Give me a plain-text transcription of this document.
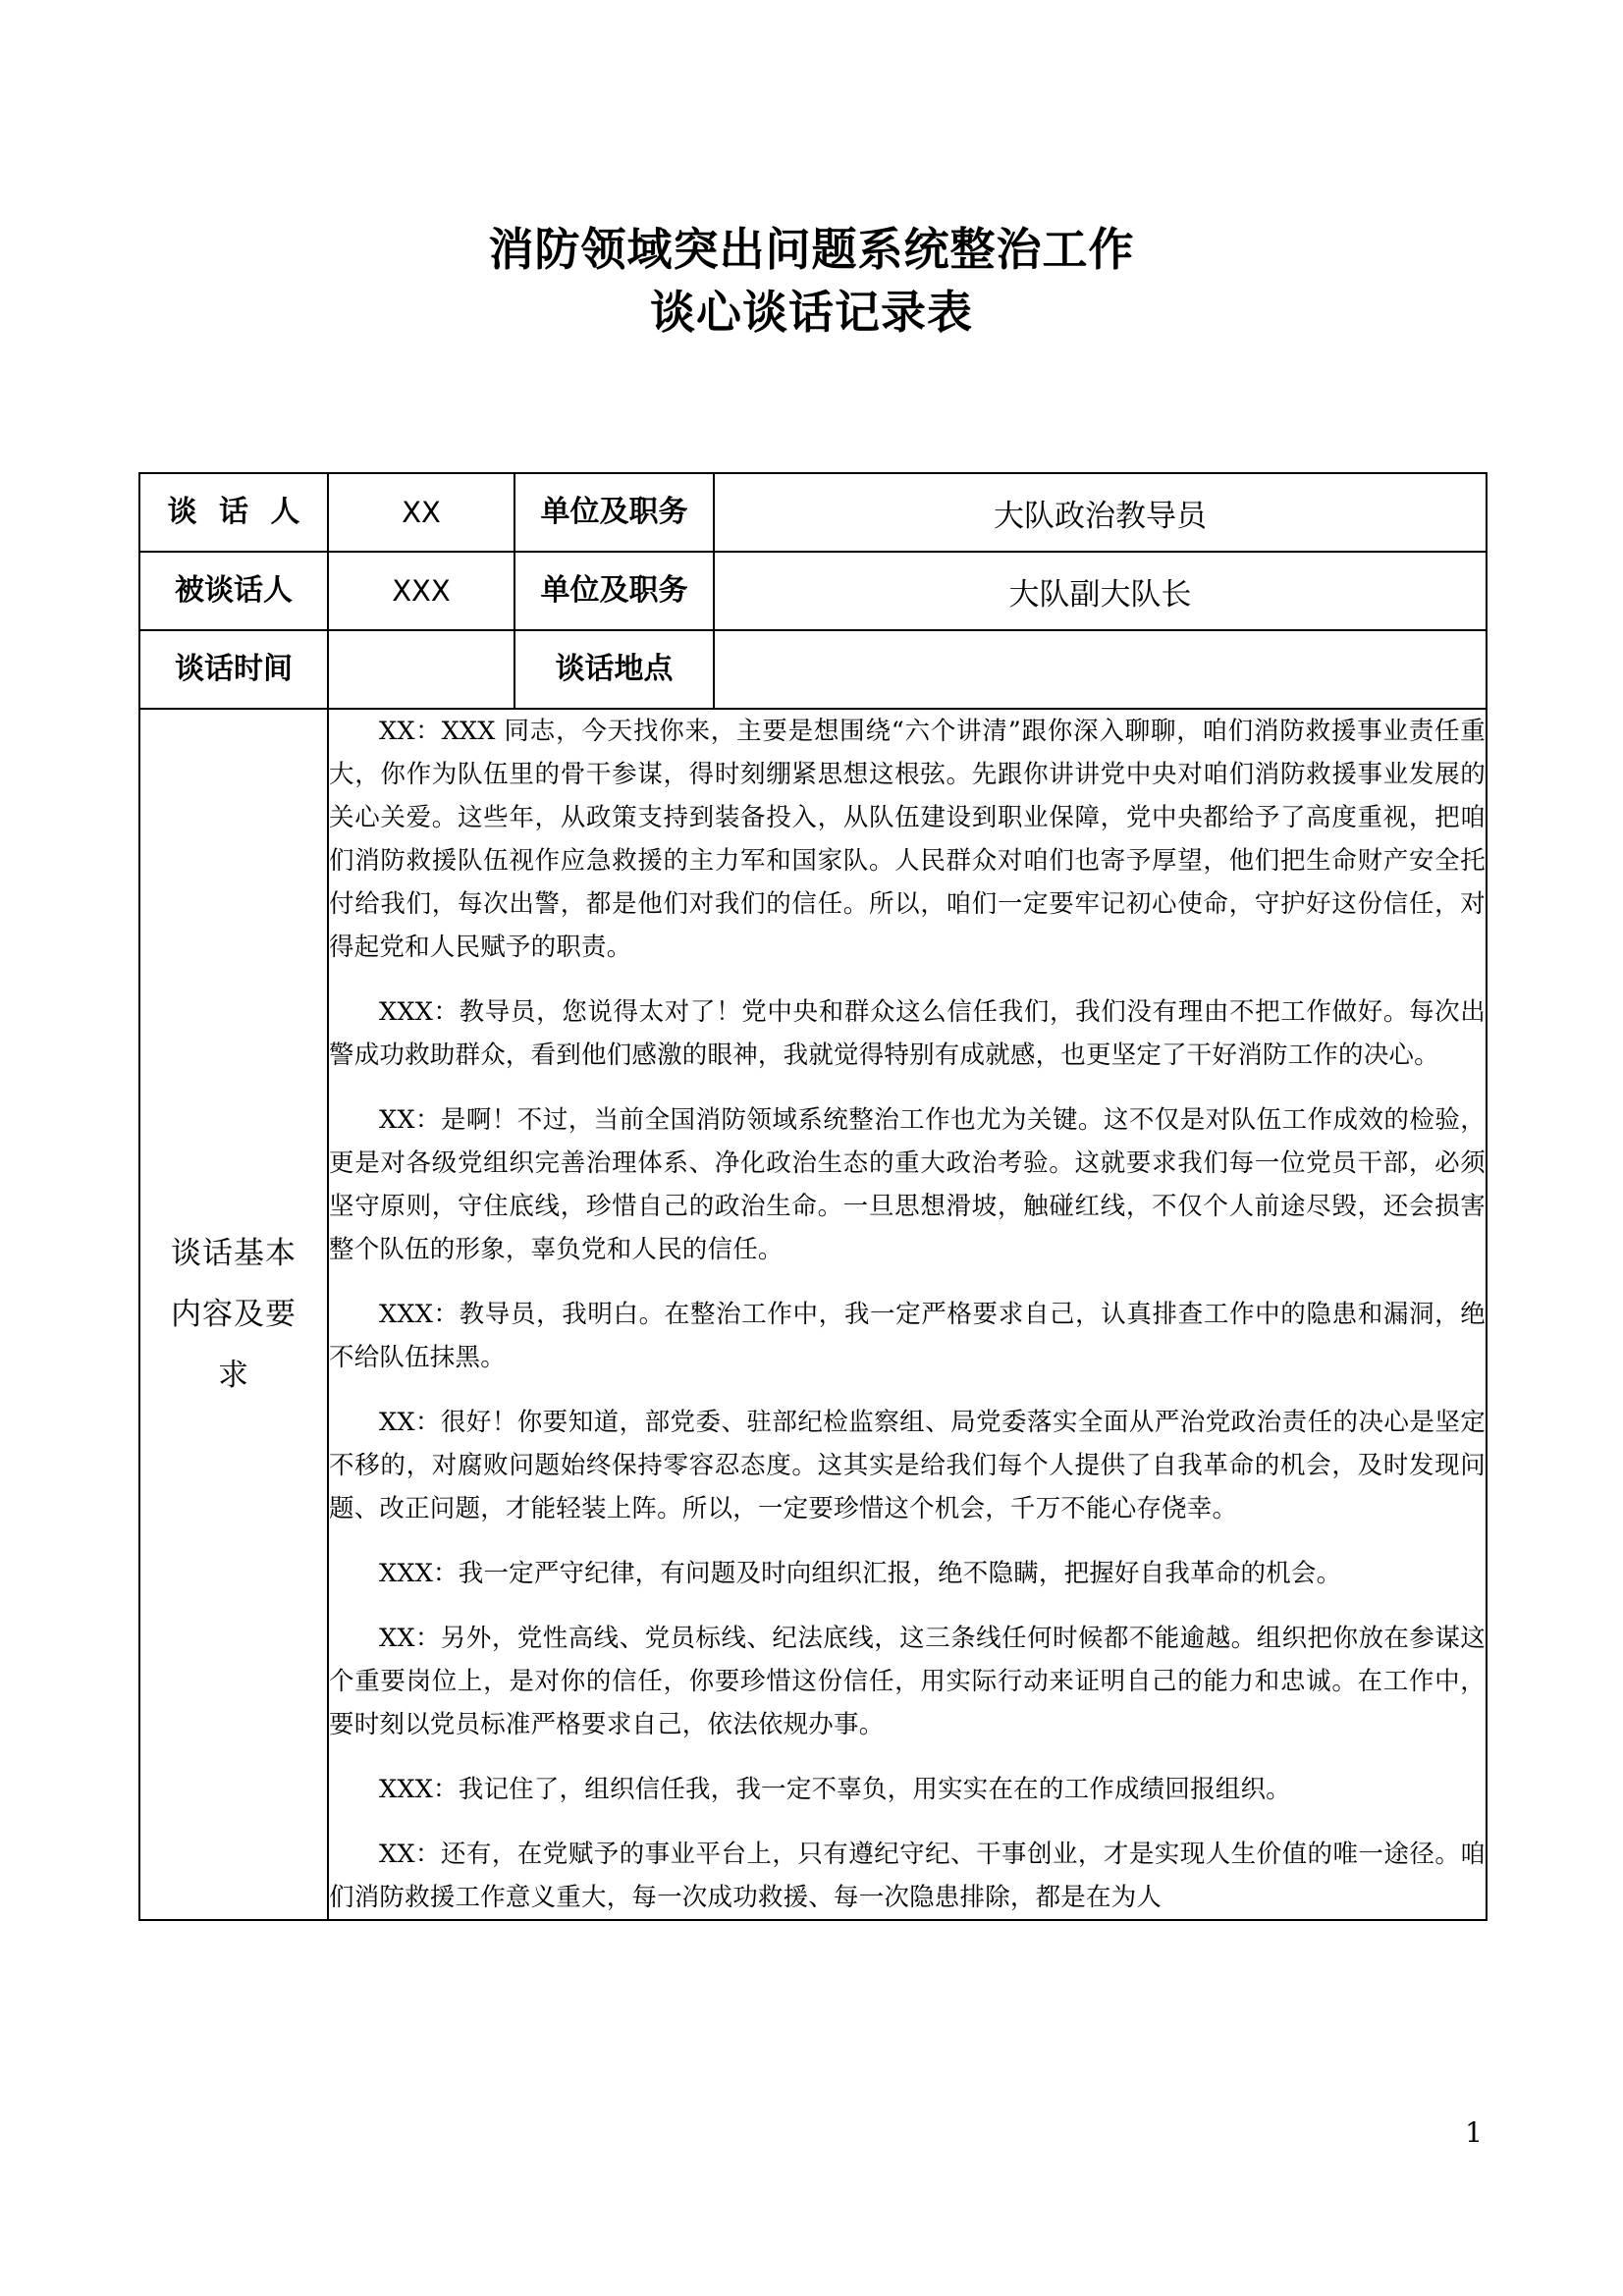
消防领域突出问题系统整治工作
谈心谈话记录表
谈 话 人	XX	单位及职务	大队政治教导员
被谈话人	XXX	单位及职务	大队副大队长
谈话时间		谈话地点	

谈话基本
内容及要
求

XX：XXX 同志，今天找你来，主要是想围绕“六个讲清”跟你深入聊聊，咱们消防救援事业责任重大，你作为队伍里的骨干参谋，得时刻绷紧思想这根弦。先跟你讲讲党中央对咱们消防救援事业发展的关心关爱。这些年，从政策支持到装备投入，从队伍建设到职业保障，党中央都给予了高度重视，把咱们消防救援队伍视作应急救援的主力军和国家队。人民群众对咱们也寄予厚望，他们把生命财产安全托付给我们，每次出警，都是他们对我们的信任。所以，咱们一定要牢记初心使命，守护好这份信任，对得起党和人民赋予的职责。

XXX：教导员，您说得太对了！党中央和群众这么信任我们，我们没有理由不把工作做好。每次出警成功救助群众，看到他们感激的眼神，我就觉得特别有成就感，也更坚定了干好消防工作的决心。

XX：是啊！不过，当前全国消防领域系统整治工作也尤为关键。这不仅是对队伍工作成效的检验，更是对各级党组织完善治理体系、净化政治生态的重大政治考验。这就要求我们每一位党员干部，必须坚守原则，守住底线，珍惜自己的政治生命。一旦思想滑坡，触碰红线，不仅个人前途尽毁，还会损害整个队伍的形象，辜负党和人民的信任。

XXX：教导员，我明白。在整治工作中，我一定严格要求自己，认真排查工作中的隐患和漏洞，绝不给队伍抹黑。

XX：很好！你要知道，部党委、驻部纪检监察组、局党委落实全面从严治党政治责任的决心是坚定不移的，对腐败问题始终保持零容忍态度。这其实是给我们每个人提供了自我革命的机会，及时发现问题、改正问题，才能轻装上阵。所以，一定要珍惜这个机会，千万不能心存侥幸。

XXX：我一定严守纪律，有问题及时向组织汇报，绝不隐瞒，把握好自我革命的机会。

XX：另外，党性高线、党员标线、纪法底线，这三条线任何时候都不能逾越。组织把你放在参谋这个重要岗位上，是对你的信任，你要珍惜这份信任，用实际行动来证明自己的能力和忠诚。在工作中，要时刻以党员标准严格要求自己，依法依规办事。

XXX：我记住了，组织信任我，我一定不辜负，用实实在在的工作成绩回报组织。

XX：还有，在党赋予的事业平台上，只有遵纪守纪、干事创业，才是实现人生价值的唯一途径。咱们消防救援工作意义重大，每一次成功救援、每一次隐患排除，都是在为人

1
